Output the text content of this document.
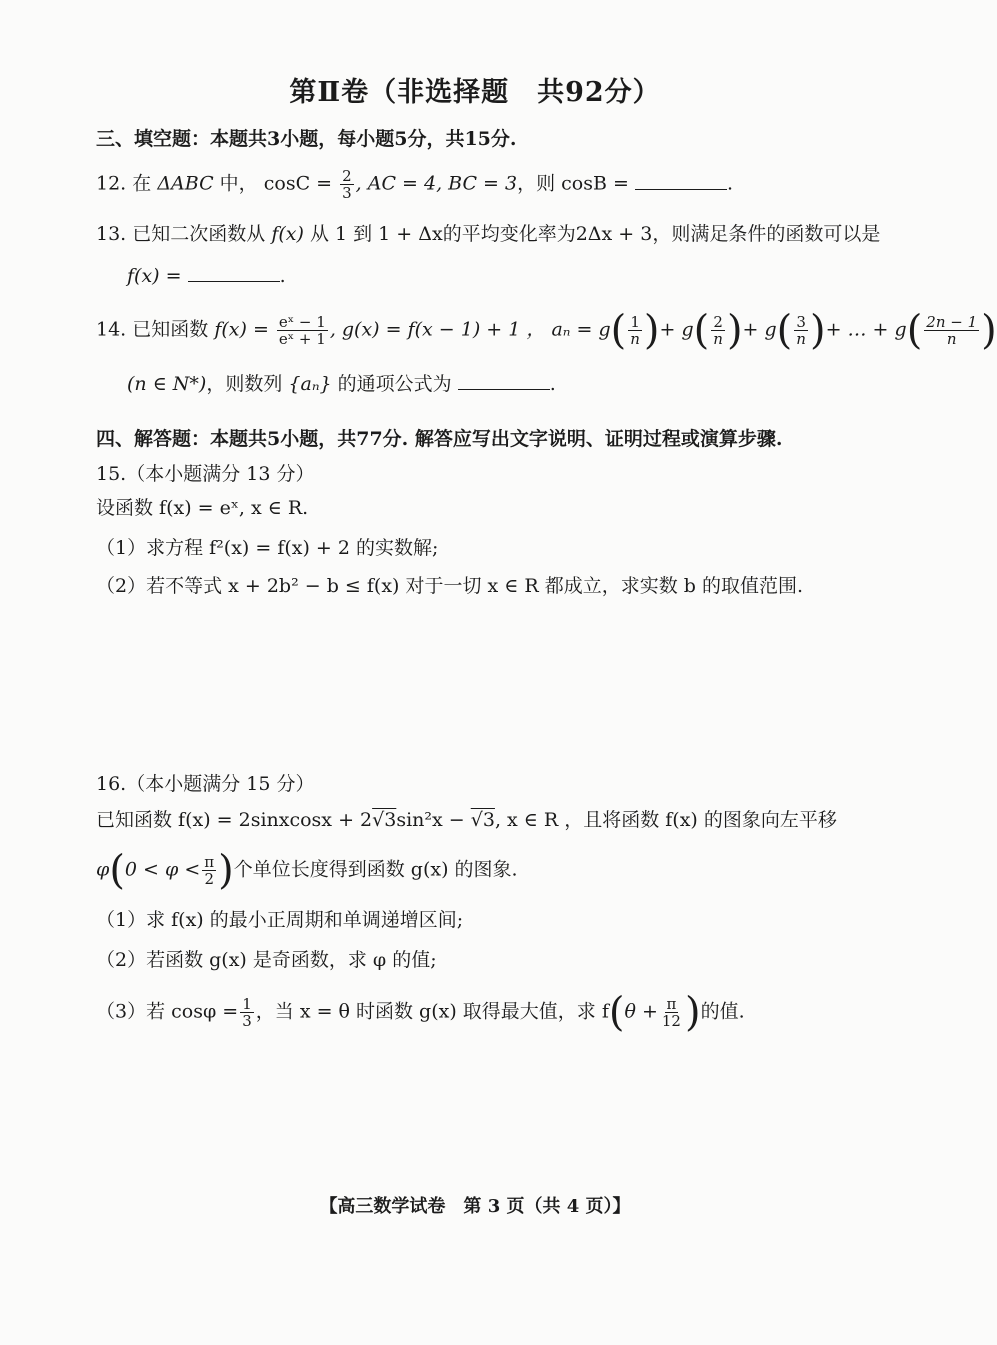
第Ⅱ卷（非选择题　共92分）
三、填空题：本题共3小题，每小题5分，共15分.
12. 在 ΔABC 中， $\cos C = \frac{2}{3}$ , AC = 4, BC = 3，则 cosB =	.
13. 已知二次函数从 f(x) 从 1 到 1 + Δx的平均变化率为2Δx + 3，则满足条件的函数可以是
f(x) =	.
14. 已知函数 $f(x) = \frac{\text{eˣ − 1}}{\text{eˣ + 1}}$ , g(x) = f(x − 1) + 1 ， $a_n = g( \frac{1}{n}$ )+ $g( \frac{2}{n}$ )+ $g( \frac{3}{n}$ )+ … + $g( \frac{2n - 1}{n}$ )
(n ∈ N*)，则数列 {aₙ} 的通项公式为	.
四、解答题：本题共5小题，共77分. 解答应写出文字说明、证明过程或演算步骤.
15.（本小题满分 13 分）
设函数 f(x) = eˣ, x ∈ R.
（1）求方程 f²(x) = f(x) + 2 的实数解;
（2）若不等式 x + 2b² − b ≤ f(x) 对于一切 x ∈ R 都成立，求实数 b 的取值范围.
16.（本小题满分 15 分）
已知函数 f(x) = 2sinxcosx + 2√3sin²x − √3, x ∈ R ，且将函数 f(x) 的图象向左平移
$\varphi(0 < \varphi < \frac{\pi}{2}$ )个单位长度得到函数 g(x) 的图象.
（1）求 f(x) 的最小正周期和单调递增区间;
（2）若函数 g(x) 是奇函数，求 φ 的值;
（3）若 $\cos\varphi = \frac{1}{3}$ ，当 x = θ 时函数 g(x) 取得最大值，求 $f(\theta + \frac{\pi}{12}$ )的值.
【高三数学试卷　第 3 页（共 4 页）】
